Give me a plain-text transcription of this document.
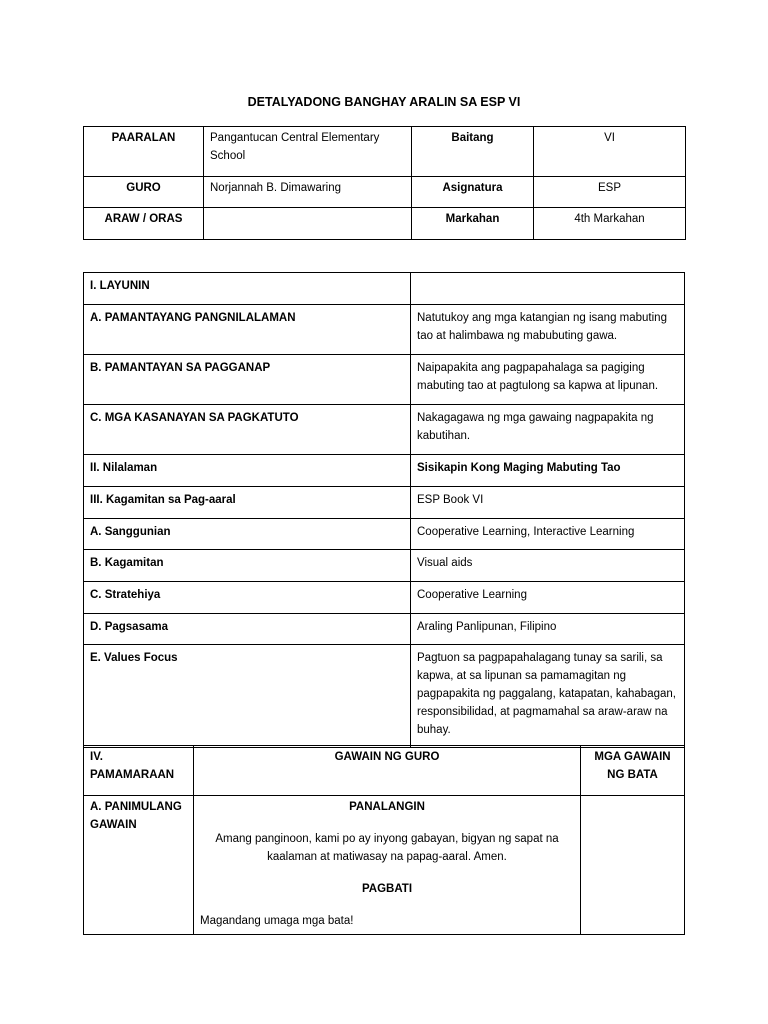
DETALYADONG BANGHAY ARALIN SA ESP VI
PAARALAN	Pangantucan Central Elementary School	Baitang	VI
GURO	Norjannah B. Dimawaring	Asignatura	ESP
ARAW / ORAS		Markahan	4th Markahan
I. LAYUNIN	
A. PAMANTAYANG PANGNILALAMAN	Natutukoy ang mga katangian ng isang mabuting tao at halimbawa ng mabubuting gawa.
B. PAMANTAYAN SA PAGGANAP	Naipapakita ang pagpapahalaga sa pagiging mabuting tao at pagtulong sa kapwa at lipunan.
C. MGA KASANAYAN SA PAGKATUTO	Nakagagawa ng mga gawaing nagpapakita ng kabutihan.
II. Nilalaman	Sisikapin Kong Maging Mabuting Tao
III. Kagamitan sa Pag-aaral	ESP Book VI
A. Sanggunian	Cooperative Learning, Interactive Learning
B. Kagamitan	Visual aids
C. Stratehiya	Cooperative Learning
D. Pagsasama	Araling Panlipunan, Filipino
E. Values Focus	Pagtuon sa pagpapahalagang tunay sa sarili, sa kapwa, at sa lipunan sa pamamagitan ng pagpapakita ng paggalang, katapatan, kahabagan, responsibilidad, at pagmamahal sa araw-araw na buhay.
IV. PAMAMARAAN	GAWAIN NG GURO	MGA GAWAIN NG BATA
A. PANIMULANG GAWAIN	PANALANGIN
Amang panginoon, kami po ay inyong gabayan, bigyan ng sapat na kaalaman at matiwasay na papag-aaral. Amen.
PAGBATI
Magandang umaga mga bata!	
